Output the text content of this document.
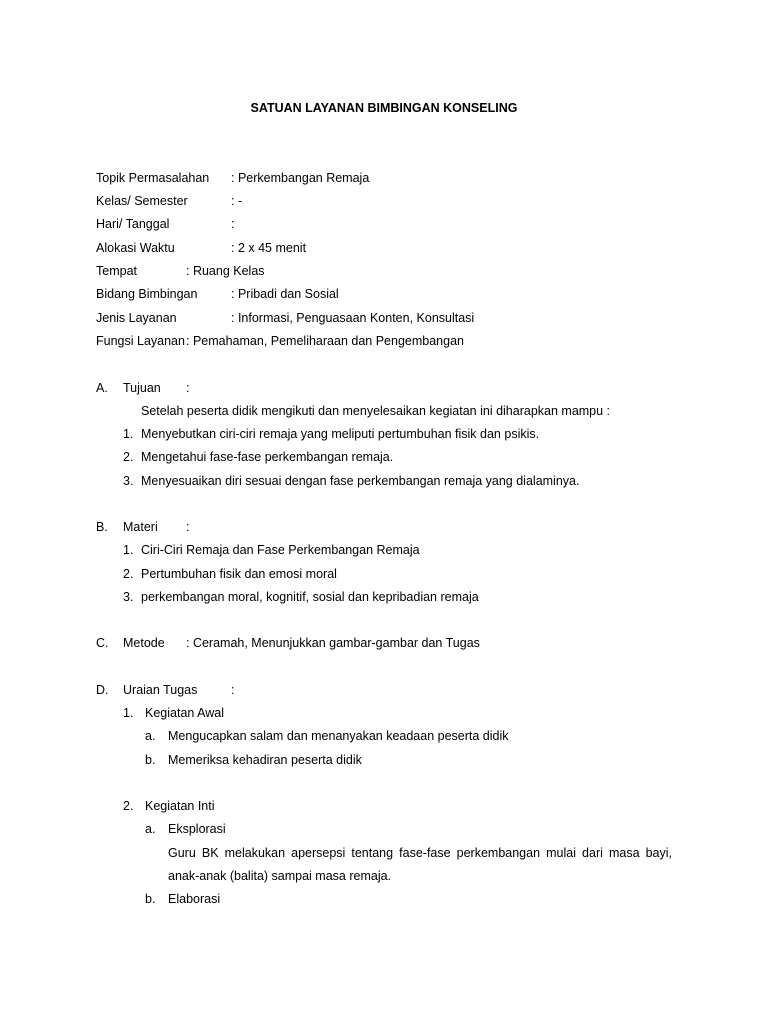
SATUAN LAYANAN BIMBINGAN KONSELING
Topik Permasalahan : Perkembangan Remaja
Kelas/ Semester	: -
Hari/ Tanggal	:
Alokasi Waktu	: 2 x 45 menit
Tempat	: Ruang Kelas
Bidang Bimbingan	: Pribadi dan Sosial
Jenis Layanan	: Informasi, Penguasaan Konten, Konsultasi
Fungsi Layanan : Pemahaman, Pemeliharaan dan Pengembangan
A. Tujuan :
Setelah peserta didik mengikuti dan menyelesaikan kegiatan ini diharapkan mampu :
1. Menyebutkan ciri-ciri remaja yang meliputi pertumbuhan fisik dan psikis.
2. Mengetahui fase-fase perkembangan remaja.
3. Menyesuaikan diri sesuai dengan fase perkembangan remaja yang dialaminya.
B. Materi :
1. Ciri-Ciri Remaja dan Fase Perkembangan Remaja
2. Pertumbuhan fisik dan emosi moral
3. perkembangan moral, kognitif, sosial dan kepribadian remaja
C. Metode : Ceramah, Menunjukkan gambar-gambar dan Tugas
D. Uraian Tugas	:
1. Kegiatan Awal
a. Mengucapkan salam dan menanyakan keadaan peserta didik
b. Memeriksa kehadiran peserta didik
2. Kegiatan Inti
a. Eksplorasi
Guru BK melakukan apersepsi tentang fase-fase perkembangan mulai dari masa bayi,
anak-anak (balita) sampai masa remaja.
b. Elaborasi
